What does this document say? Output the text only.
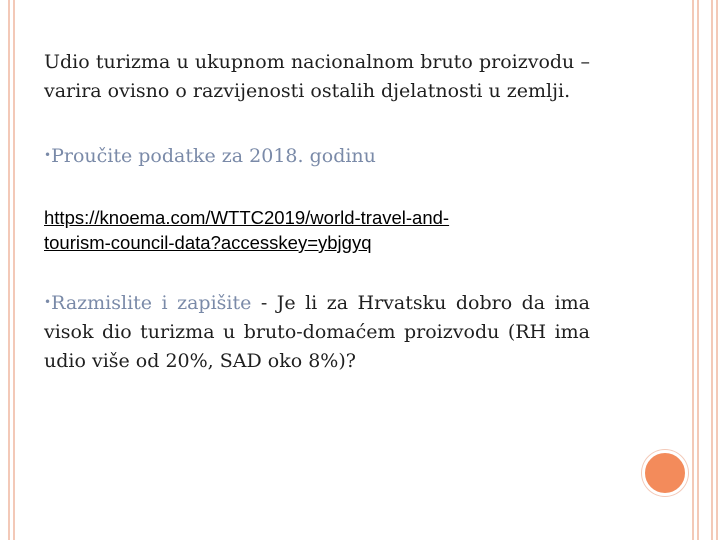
Udio turizma u ukupnom nacionalnom bruto proizvodu – varira ovisno o razvijenosti ostalih djelatnosti u zemlji.

•Proučite podatke za 2018. godinu
https://knoema.com/WTTC2019/world-travel-and-
tourism-council-data?accesskey=ybjgyq
•Razmislite i zapišite - Je li za Hrvatsku dobro da ima visok dio turizma u bruto-domaćem proizvodu (RH ima udio više od 20%, SAD oko 8%)?
